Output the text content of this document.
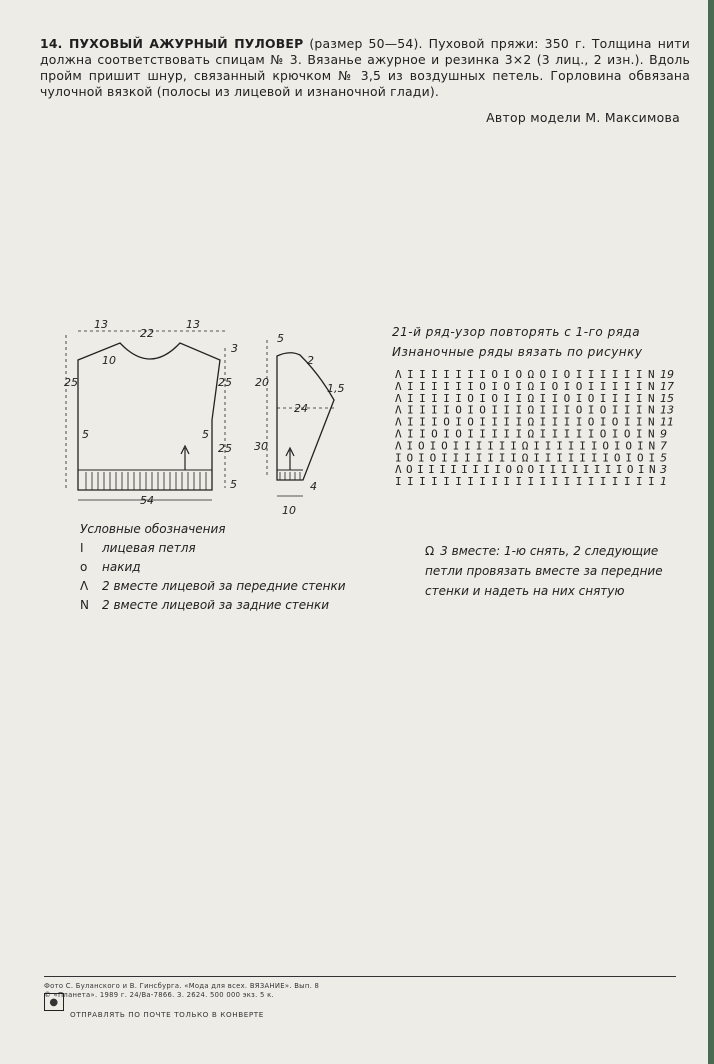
14. ПУХОВЫЙ АЖУРНЫЙ ПУЛОВЕР (размер 50—54). Пуховой пряжи: 350 г. Толщина нити должна соответствовать спицам № 3. Вязанье ажурное и резинка 3×2 (3 лиц., 2 изн.). Вдоль пройм пришит шнур, связанный крючком № 3,5 из воздушных петель. Горловина обвязана чулочной вязкой (полосы из лицевой и изнаночной глади).
Автор модели М. Максимова
13
22
13
10
3
25	25
5	5
25
5
54
5
2
20	1,5
24
30
4
10
Λ I I I I I I I O I O Ω O I O I I I I I I N 19
Λ I I I I I I O I O I Ω I O I O I I I I I N 17
Λ I I I I I O I O I I Ω I I O I O I I I I N 15
Λ I I I I O I O I I I Ω I I I O I O I I I N 13
Λ I I I O I O I I I I Ω I I I I O I O I I N 11
Λ I I O I O I I I I I Ω I I I I I O I O I N 9
Λ I O I O I I I I I I Ω I I I I I I O I O I N 7
I O I O I I I I I I I Ω I I I I I I I O I O I 5
Λ O I I I I I I I I O Ω O I I I I I I I I O I N 3
I I I I I I I I I I I I I I I I I I I I I I 1
21-й ряд-узор повторять с 1-го ряда
Изнаночные ряды вязать по рисунку
Условные обозначения
I лицевая петля
o накид
Λ 2 вместе лицевой за передние стенки
N 2 вместе лицевой за задние стенки
Ω 3 вместе: 1-ю снять, 2 следующие петли провязать вместе за передние стенки и надеть на них снятую
Фото С. Буланского и В. Гинсбурга. «Мода для всех. ВЯЗАНИЕ». Вып. 8
© «Планета». 1989 г. 24/Ва-7866. З. 2624. 500 000 экз. 5 к.
●
ОТПРАВЛЯТЬ ПО ПОЧТЕ ТОЛЬКО В КОНВЕРТЕ
